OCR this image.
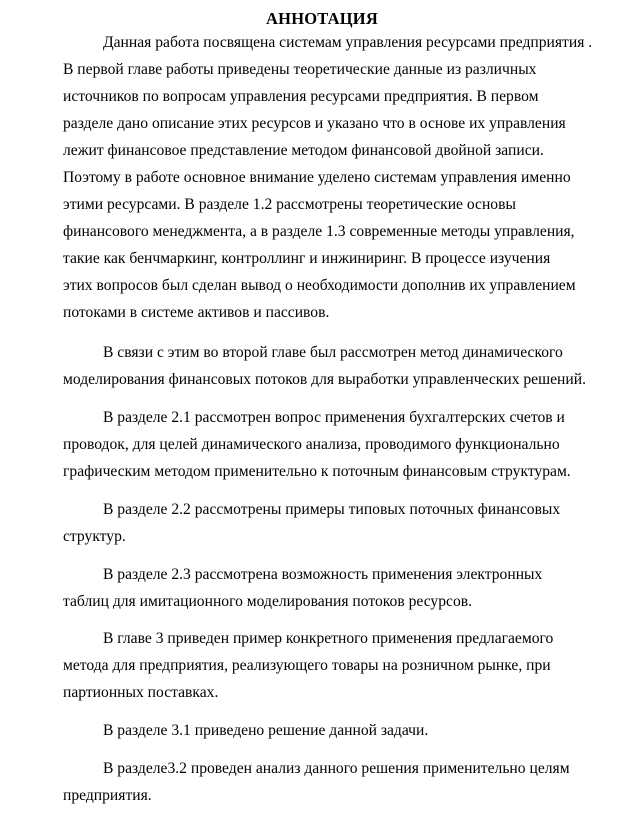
АННОТАЦИЯ
Данная работа посвящена системам управления ресурсами предприятия .
В первой главе работы приведены теоретические данные из различных
источников по вопросам управления ресурсами предприятия. В первом
разделе дано описание этих ресурсов и указано что в основе их управления
лежит финансовое представление методом финансовой двойной записи.
Поэтому в работе основное внимание уделено системам управления именно
этими ресурсами. В разделе 1.2 рассмотрены теоретические основы
финансового менеджмента, а в разделе 1.3 современные методы управления,
такие как бенчмаркинг, контроллинг и инжиниринг. В процессе изучения
этих вопросов был сделан вывод о необходимости дополнив их управлением
потоками в системе активов и пассивов.
В связи с этим во второй главе был рассмотрен метод динамического
моделирования финансовых потоков для выработки управленческих решений.
В разделе 2.1 рассмотрен вопрос применения бухгалтерских счетов и
проводок, для целей динамического анализа, проводимого функционально
графическим методом применительно к поточным финансовым структурам.
В разделе 2.2 рассмотрены примеры типовых поточных финансовых
структур.
В разделе 2.3 рассмотрена возможность применения электронных
таблиц для имитационного моделирования потоков ресурсов.
В главе 3 приведен пример конкретного применения предлагаемого
метода для предприятия, реализующего товары на розничном рынке, при
партионных поставках.
В разделе 3.1 приведено решение данной задачи.
В разделе3.2 проведен анализ данного решения применительно целям
предприятия.
